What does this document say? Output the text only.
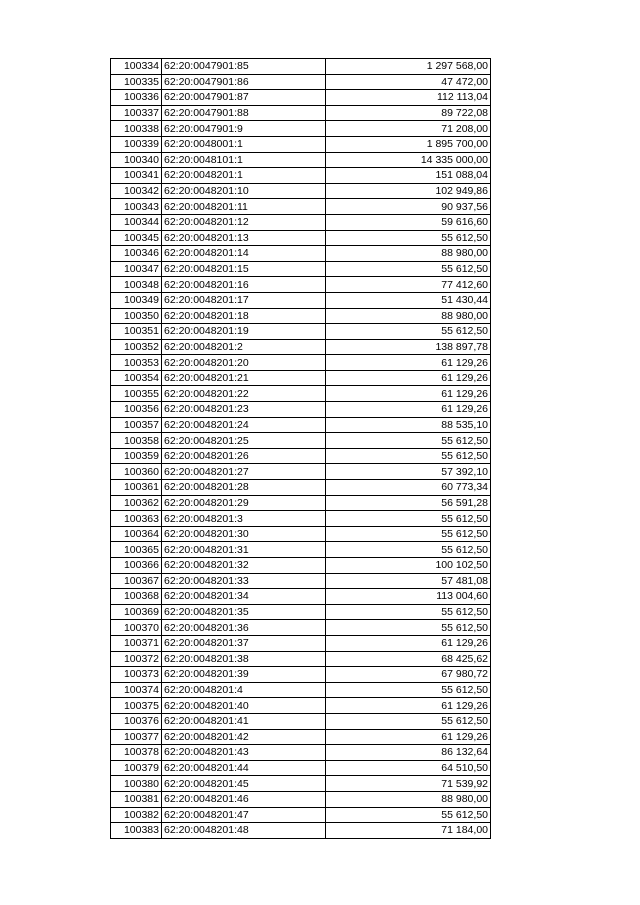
100334	62:20:0047901:85	1 297 568,00
100335	62:20:0047901:86	47 472,00
100336	62:20:0047901:87	112 113,04
100337	62:20:0047901:88	89 722,08
100338	62:20:0047901:9	71 208,00
100339	62:20:0048001:1	1 895 700,00
100340	62:20:0048101:1	14 335 000,00
100341	62:20:0048201:1	151 088,04
100342	62:20:0048201:10	102 949,86
100343	62:20:0048201:11	90 937,56
100344	62:20:0048201:12	59 616,60
100345	62:20:0048201:13	55 612,50
100346	62:20:0048201:14	88 980,00
100347	62:20:0048201:15	55 612,50
100348	62:20:0048201:16	77 412,60
100349	62:20:0048201:17	51 430,44
100350	62:20:0048201:18	88 980,00
100351	62:20:0048201:19	55 612,50
100352	62:20:0048201:2	138 897,78
100353	62:20:0048201:20	61 129,26
100354	62:20:0048201:21	61 129,26
100355	62:20:0048201:22	61 129,26
100356	62:20:0048201:23	61 129,26
100357	62:20:0048201:24	88 535,10
100358	62:20:0048201:25	55 612,50
100359	62:20:0048201:26	55 612,50
100360	62:20:0048201:27	57 392,10
100361	62:20:0048201:28	60 773,34
100362	62:20:0048201:29	56 591,28
100363	62:20:0048201:3	55 612,50
100364	62:20:0048201:30	55 612,50
100365	62:20:0048201:31	55 612,50
100366	62:20:0048201:32	100 102,50
100367	62:20:0048201:33	57 481,08
100368	62:20:0048201:34	113 004,60
100369	62:20:0048201:35	55 612,50
100370	62:20:0048201:36	55 612,50
100371	62:20:0048201:37	61 129,26
100372	62:20:0048201:38	68 425,62
100373	62:20:0048201:39	67 980,72
100374	62:20:0048201:4	55 612,50
100375	62:20:0048201:40	61 129,26
100376	62:20:0048201:41	55 612,50
100377	62:20:0048201:42	61 129,26
100378	62:20:0048201:43	86 132,64
100379	62:20:0048201:44	64 510,50
100380	62:20:0048201:45	71 539,92
100381	62:20:0048201:46	88 980,00
100382	62:20:0048201:47	55 612,50
100383	62:20:0048201:48	71 184,00
